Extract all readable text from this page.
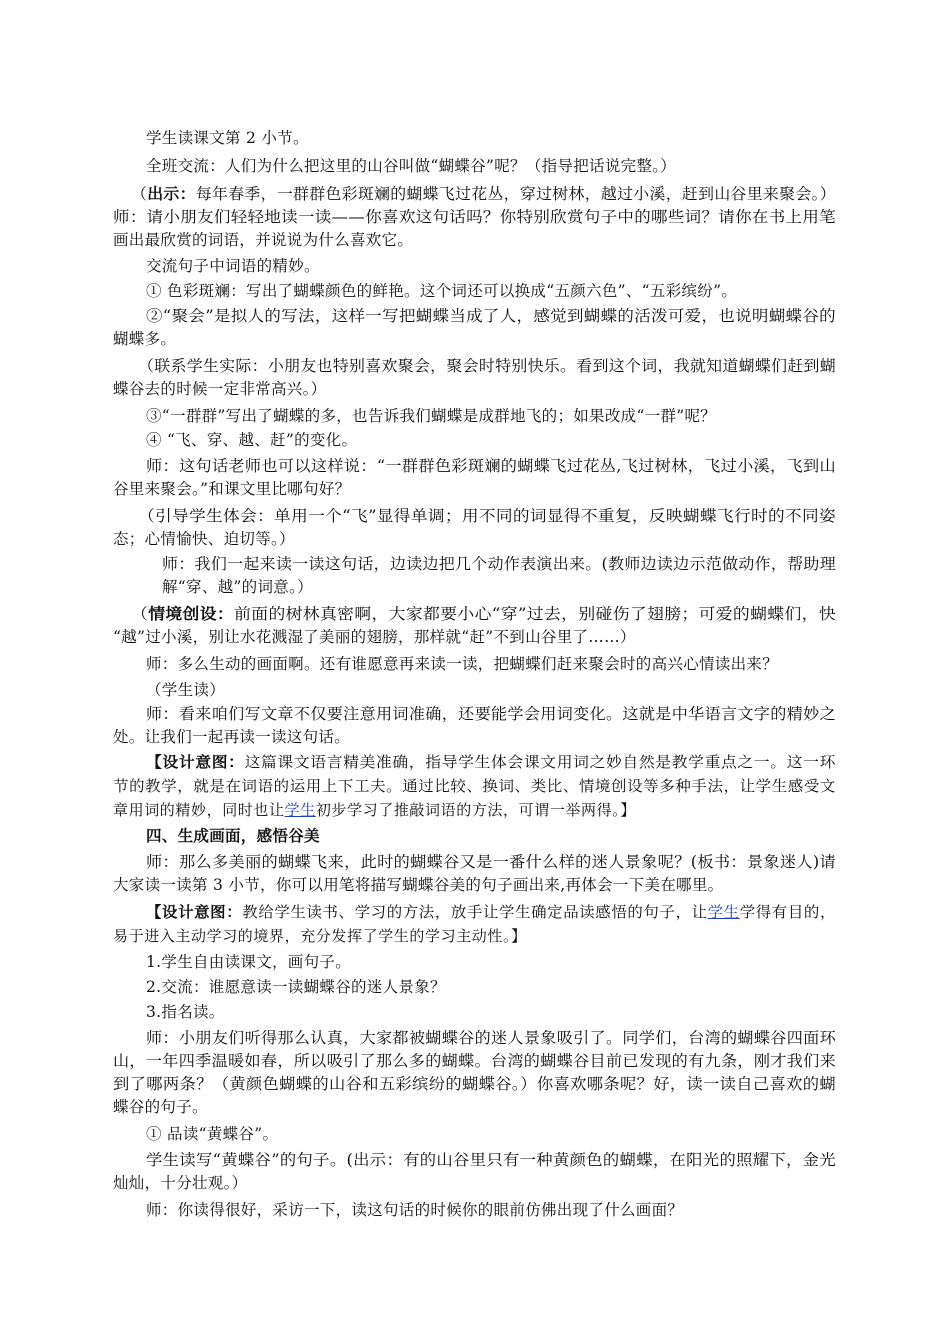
学生读课文第 2 小节。
全班交流：人们为什么把这里的山谷叫做“蝴蝶谷”呢？（指导把话说完整。）
（出示：每年春季，一群群色彩斑斓的蝴蝶飞过花丛，穿过树林，越过小溪，赶到山谷里来聚会。）
师：请小朋友们轻轻地读一读——你喜欢这句话吗？你特别欣赏句子中的哪些词？请你在书上用笔
画出最欣赏的词语，并说说为什么喜欢它。
交流句子中词语的精妙。
① 色彩斑斓：写出了蝴蝶颜色的鲜艳。这个词还可以换成“五颜六色”、“五彩缤纷”。
②“聚会”是拟人的写法，这样一写把蝴蝶当成了人，感觉到蝴蝶的活泼可爱，也说明蝴蝶谷的
蝴蝶多。
（联系学生实际：小朋友也特别喜欢聚会，聚会时特别快乐。看到这个词，我就知道蝴蝶们赶到蝴
蝶谷去的时候一定非常高兴。）
③“一群群”写出了蝴蝶的多，也告诉我们蝴蝶是成群地飞的；如果改成“一群”呢？
④ “飞、穿、越、赶”的变化。
师：这句话老师也可以这样说：“一群群色彩斑斓的蝴蝶飞过花丛,飞过树林，飞过小溪，飞到山
谷里来聚会。”和课文里比哪句好？
（引导学生体会：单用一个“飞”显得单调；用不同的词显得不重复，反映蝴蝶飞行时的不同姿
态；心情愉快、迫切等。）
师：我们一起来读一读这句话，边读边把几个动作表演出来。(教师边读边示范做动作，帮助理
解“穿、越”的词意。）
（情境创设：前面的树林真密啊，大家都要小心“穿”过去，别碰伤了翅膀；可爱的蝴蝶们，快
“越”过小溪，别让水花溅湿了美丽的翅膀，那样就“赶”不到山谷里了……）
师：多么生动的画面啊。还有谁愿意再来读一读，把蝴蝶们赶来聚会时的高兴心情读出来？
（学生读）
师：看来咱们写文章不仅要注意用词准确，还要能学会用词变化。这就是中华语言文字的精妙之
处。让我们一起再读一读这句话。
【设计意图：这篇课文语言精美准确，指导学生体会课文用词之妙自然是教学重点之一。这一环
节的教学，就是在词语的运用上下工夫。通过比较、换词、类比、情境创设等多种手法，让学生感受文
章用词的精妙，同时也让学生初步学习了推敲词语的方法，可谓一举两得。】
四、生成画面，感悟谷美
师：那么多美丽的蝴蝶飞来，此时的蝴蝶谷又是一番什么样的迷人景象呢？(板书：景象迷人)请
大家读一读第 3 小节，你可以用笔将描写蝴蝶谷美的句子画出来,再体会一下美在哪里。
【设计意图：教给学生读书、学习的方法，放手让学生确定品读感悟的句子，让学生学得有目的，
易于进入主动学习的境界，充分发挥了学生的学习主动性。】
1.学生自由读课文，画句子。
2.交流：谁愿意读一读蝴蝶谷的迷人景象？
3.指名读。
师：小朋友们听得那么认真，大家都被蝴蝶谷的迷人景象吸引了。同学们，台湾的蝴蝶谷四面环
山，一年四季温暖如春，所以吸引了那么多的蝴蝶。台湾的蝴蝶谷目前已发现的有九条，刚才我们来
到了哪两条？（黄颜色蝴蝶的山谷和五彩缤纷的蝴蝶谷。）你喜欢哪条呢？好，读一读自己喜欢的蝴
蝶谷的句子。
① 品读“黄蝶谷”。
学生读写“黄蝶谷”的句子。(出示：有的山谷里只有一种黄颜色的蝴蝶，在阳光的照耀下，金光
灿灿，十分壮观。）
师：你读得很好，采访一下，读这句话的时候你的眼前仿佛出现了什么画面？
